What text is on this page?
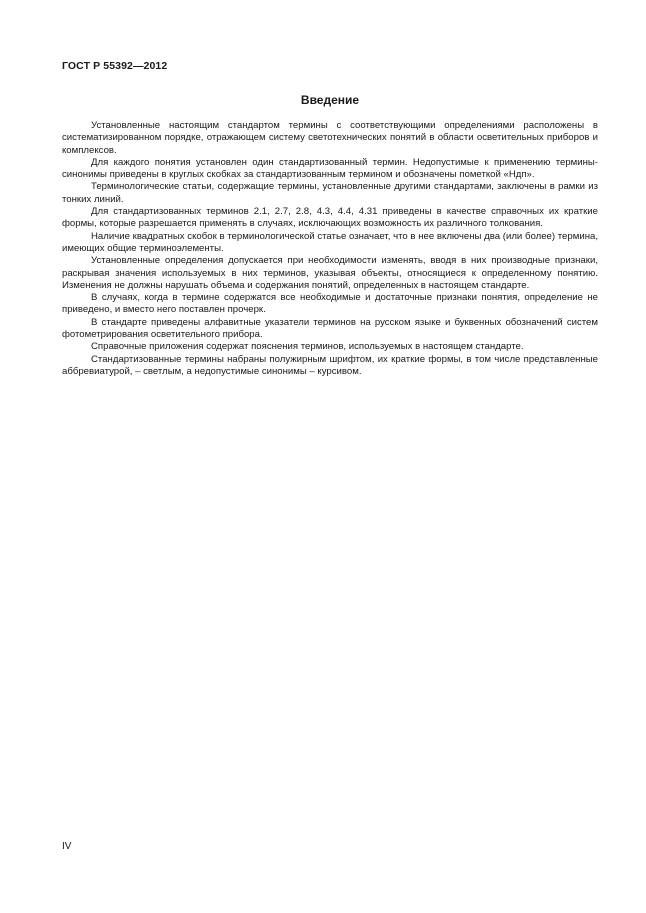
ГОСТ Р 55392—2012
Введение

Установленные настоящим стандартом термины с соответствующими определениями расположены в систематизированном порядке, отражающем систему светотехнических понятий в области осветительных приборов и комплексов.

Для каждого понятия установлен один стандартизованный термин. Недопустимые к применению термины-синонимы приведены в круглых скобках за стандартизованным термином и обозначены пометкой «Ндп».

Терминологические статьи, содержащие термины, установленные другими стандартами, заключены в рамки из тонких линий.

Для стандартизованных терминов 2.1, 2.7, 2.8, 4.3, 4.4, 4.31 приведены в качестве справочных их краткие формы, которые разрешается применять в случаях, исключающих возможность их различного толкования.

Наличие квадратных скобок в терминологической статье означает, что в нее включены два (или более) термина, имеющих общие терминоэлементы.

Установленные определения допускается при необходимости изменять, вводя в них производные признаки, раскрывая значения используемых в них терминов, указывая объекты, относящиеся к определенному понятию. Изменения не должны нарушать объема и содержания понятий, определенных в настоящем стандарте.

В случаях, когда в термине содержатся все необходимые и достаточные признаки понятия, определение не приведено, и вместо него поставлен прочерк.

В стандарте приведены алфавитные указатели терминов на русском языке и буквенных обозначений систем фотометрирования осветительного прибора.

Справочные приложения содержат пояснения терминов, используемых в настоящем стандарте.

Стандартизованные термины набраны полужирным шрифтом, их краткие формы, в том числе представленные аббревиатурой, – светлым, а недопустимые синонимы – курсивом.

IV
